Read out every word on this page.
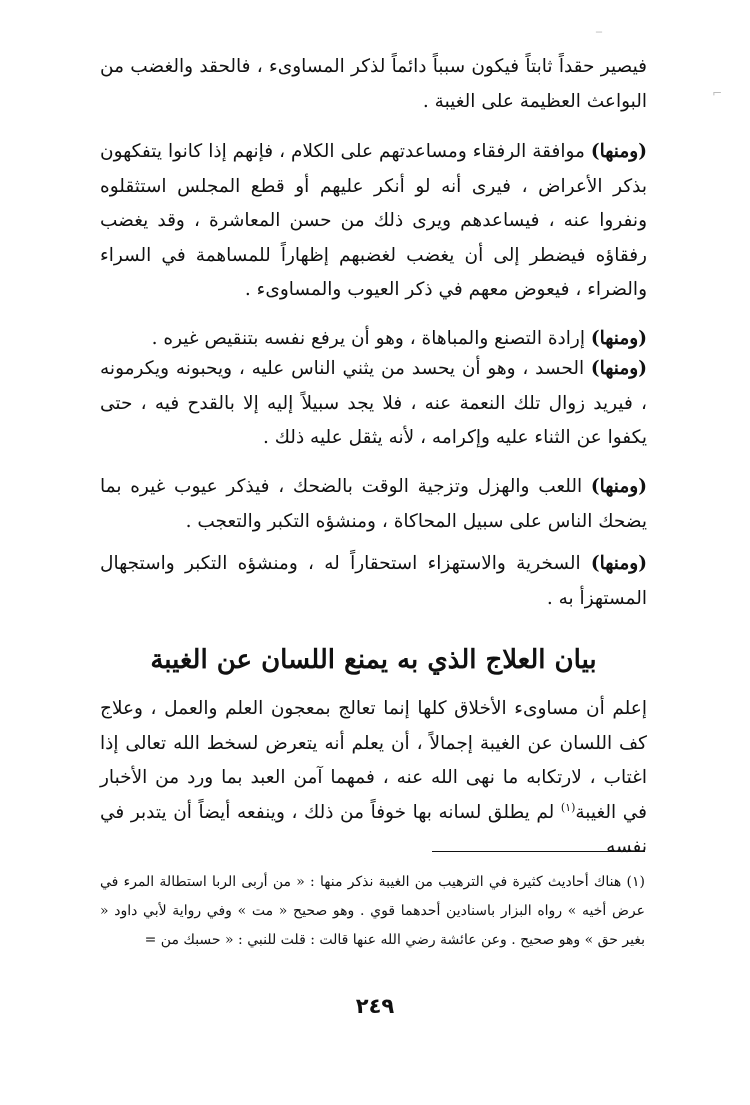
‾
⌐

فيصير حقداً ثابتاً فيكون سبباً دائماً لذكر المساوىء ، فالحقد والغضب من البواعث العظيمة على الغيبة .

(ومنها) موافقة الرفقاء ومساعدتهم على الكلام ، فإنهم إذا كانوا يتفكهون بذكر الأعراض ، فيرى أنه لو أنكر عليهم أو قطع المجلس استثقلوه ونفروا عنه ، فيساعدهم ويرى ذلك من حسن المعاشرة ، وقد يغضب رفقاؤه فيضطر إلى أن يغضب لغضبهم إظهاراً للمساهمة في السراء والضراء ، فيعوض معهم في ذكر العيوب والمساوىء .

(ومنها) إرادة التصنع والمباهاة ، وهو أن يرفع نفسه بتنقيص غيره .

(ومنها) الحسد ، وهو أن يحسد من يثني الناس عليه ، ويحبونه ويكرمونه ، فيريد زوال تلك النعمة عنه ، فلا يجد سبيلاً إليه إلا بالقدح فيه ، حتى يكفوا عن الثناء عليه وإكرامه ، لأنه يثقل عليه ذلك .

(ومنها) اللعب والهزل وتزجية الوقت بالضحك ، فيذكر عيوب غيره بما يضحك الناس على سبيل المحاكاة ، ومنشؤه التكبر والتعجب .

(ومنها) السخرية والاستهزاء استحقاراً له ، ومنشؤه التكبر واستجهال المستهزأ به .

بيان العلاج الذي به يمنع اللسان عن الغيبة

إعلم أن مساوىء الأخلاق كلها إنما تعالج بمعجون العلم والعمل ، وعلاج كف اللسان عن الغيبة إجمالاً ، أن يعلم أنه يتعرض لسخط الله تعالى إذا اغتاب ، لارتكابه ما نهى الله عنه ، فمهما آمن العبد بما ورد من الأخبار في الغيبة$^{(١)}$ لم يطلق لسانه بها خوفاً من ذلك ، وينفعه أيضاً أن يتدبر في نفسه

(١) هناك أحاديث كثيرة في الترهيب من الغيبة نذكر منها : « من أربى الربا استطالة المرء في عرض أخيه » رواه البزار باسنادين أحدهما قوي . وهو صحيح « مت » وفي رواية لأبي داود « بغير حق » وهو صحيح . وعن عائشة رضي الله عنها قالت : قلت للنبي : « حسبك من =

٢٤٩
